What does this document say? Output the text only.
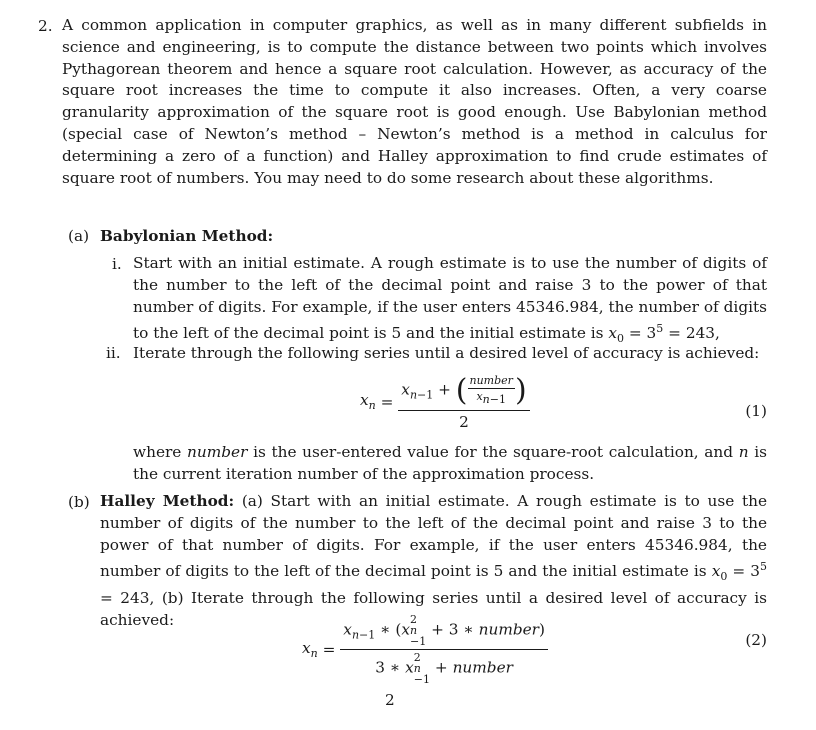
2. A common application in computer graphics, as well as in many different subfields in science and engineering, is to compute the distance between two points which involves Pythagorean theorem and hence a square root calculation. However, as accuracy of the square root increases the time to compute it also increases. Often, a very coarse granularity approximation of the square root is good enough. Use Babylonian method (special case of Newton’s method – Newton’s method is a method in calculus for determining a zero of a function) and Halley approximation to find crude estimates of square root of numbers. You may need to do some research about these algorithms.
(a) Babylonian Method:
i. Start with an initial estimate. A rough estimate is to use the number of digits of the number to the left of the decimal point and raise 3 to the power of that number of digits. For example, if the user enters 45346.984, the number of digits to the left of the decimal point is 5 and the initial estimate is $x_0 = 3^5 = 243$,
ii. Iterate through the following series until a desired level of accuracy is achieved:
$x_n = \frac{x_{n-1} + ( \frac{\text{number}}{x_{n-1}} )}{2}$	(1)
where number is the user-entered value for the square-root calculation, and n is the current iteration number of the approximation process.
(b) Halley Method: (a) Start with an initial estimate. A rough estimate is to use the number of digits of the number to the left of the decimal point and raise 3 to the power of that number of digits. For example, if the user enters 45346.984, the number of digits to the left of the decimal point is 5 and the initial estimate is $x_0 = 3^5 = 243$, (b) Iterate through the following series until a desired level of accuracy is achieved:
$x_n = x_{n-1}$ ∗ (x
2
n
−1
+ 3 ∗ number)
3 ∗ x
2
n
−1
+ number	(2)
2
